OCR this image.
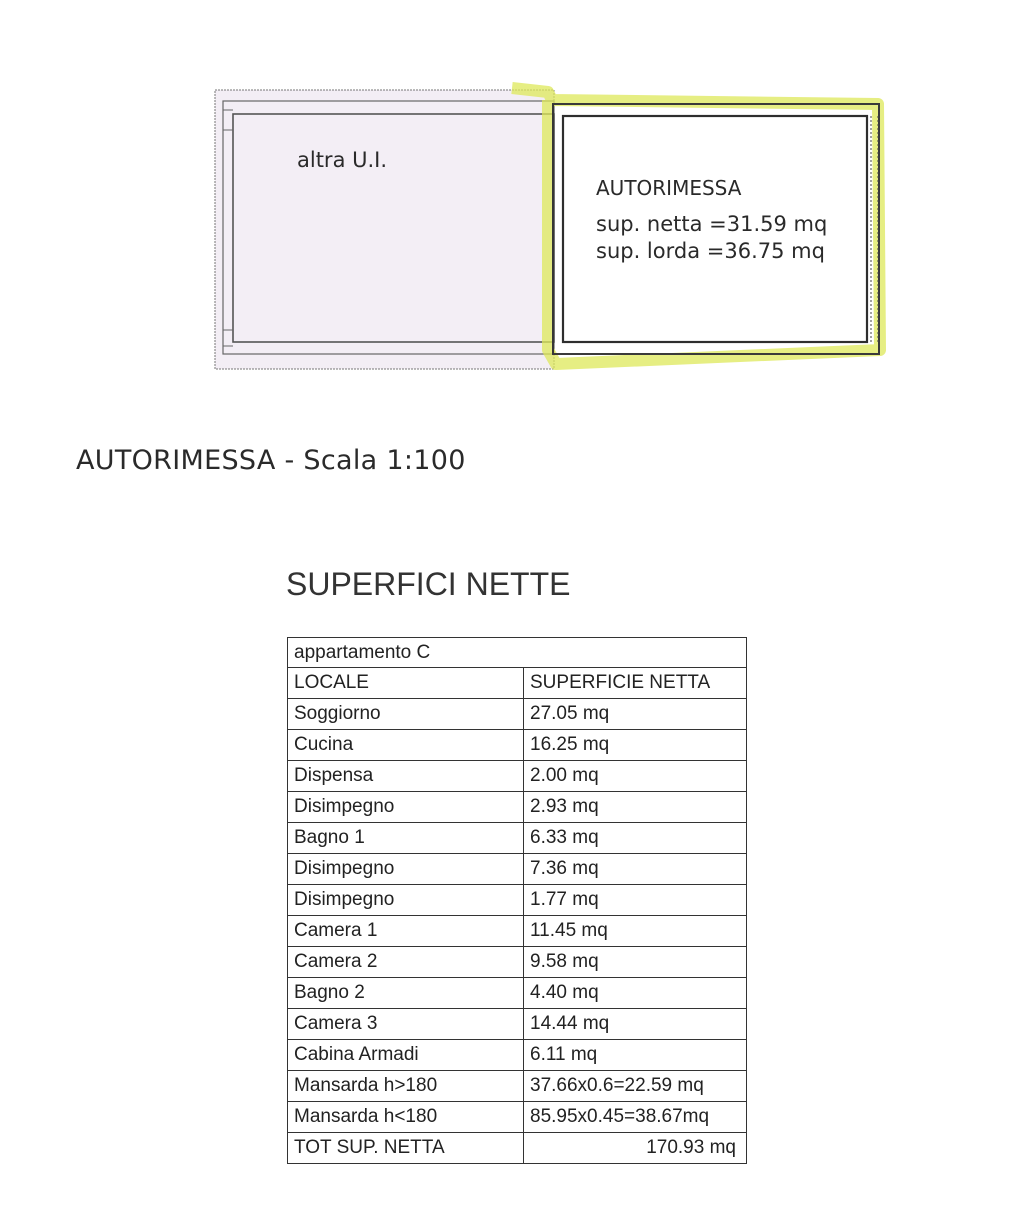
altra U.I.
AUTORIMESSA
sup. netta =31.59 mq
sup. lorda =36.75 mq
AUTORIMESSA - Scala 1:100
SUPERFICI NETTE
appartamento C	
LOCALE	SUPERFICIE NETTA
Soggiorno	27.05 mq
Cucina	16.25 mq
Dispensa	2.00 mq
Disimpegno	2.93 mq
Bagno 1	6.33 mq
Disimpegno	7.36 mq
Disimpegno	1.77 mq
Camera 1	11.45 mq
Camera 2	9.58 mq
Bagno 2	4.40 mq
Camera 3	14.44 mq
Cabina Armadi	6.11 mq
Mansarda h>180	37.66x0.6=22.59 mq
Mansarda h<180	85.95x0.45=38.67mq
TOT SUP. NETTA	170.93 mq
